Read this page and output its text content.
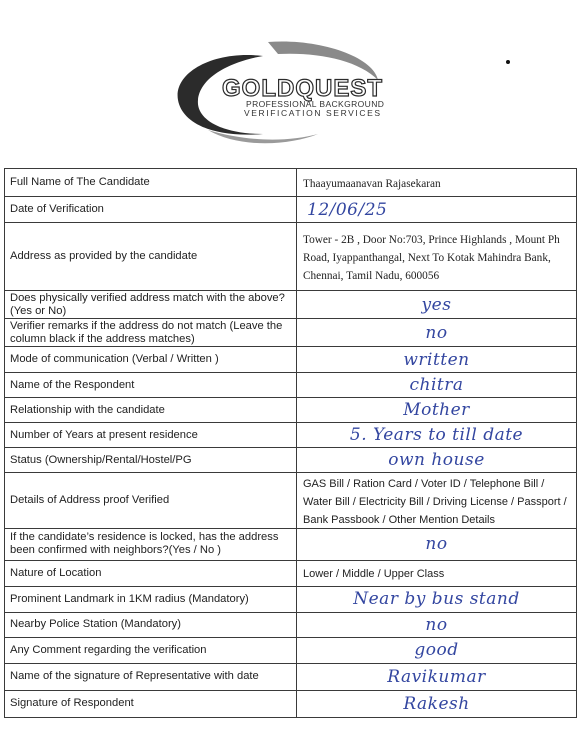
GOLDQUEST
PROFESSIONAL BACKGROUND
VERIFICATION SERVICES
Full Name of The Candidate	Thaayumaanavan Rajasekaran
Date of Verification	12/06/25

Address as provided by the candidate	Tower - 2B , Door No:703, Prince Highlands , Mount Ph Road, Iyappanthangal, Next To Kotak Mahindra Bank, Chennai, Tamil Nadu, 600056
Does physically verified address match with the above? (Yes or No)	yes

Verifier remarks if the address do not match (Leave the column black if the address matches)	no

Mode of communication (Verbal / Written )	written

Name of the Respondent	chitra

Relationship with the candidate	Mother

Number of Years at present residence	5. Years to till date

Status (Ownership/Rental/Hostel/PG	own house

Details of Address proof Verified	GAS Bill / Ration Card / Voter ID / Telephone Bill / Water Bill / Electricity Bill / Driving License / Passport / Bank Passbook / Other Mention Details
If the candidate’s residence is locked, has the address been confirmed with neighbors?(Yes / No )	no

Nature of Location	Lower / Middle / Upper Class
Prominent Landmark in 1KM radius (Mandatory)	Near by bus stand

Nearby Police Station (Mandatory)	no

Any Comment regarding the verification	good

Name of the signature of Representative with date	Ravikumar

Signature of Respondent	Rakesh
